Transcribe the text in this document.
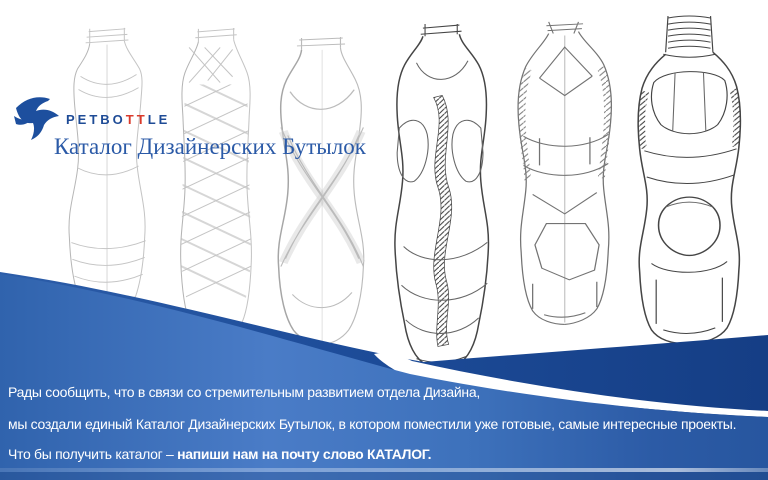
PETBOTTLE
Каталог Дизайнерских Бутылок
Рады сообщить, что в связи со стремительным развитием отдела Дизайна,
мы создали единый Каталог Дизайнерских Бутылок, в котором поместили уже готовые, самые интересные проекты.
Что бы получить каталог – напиши нам на почту слово КАТАЛОГ.
